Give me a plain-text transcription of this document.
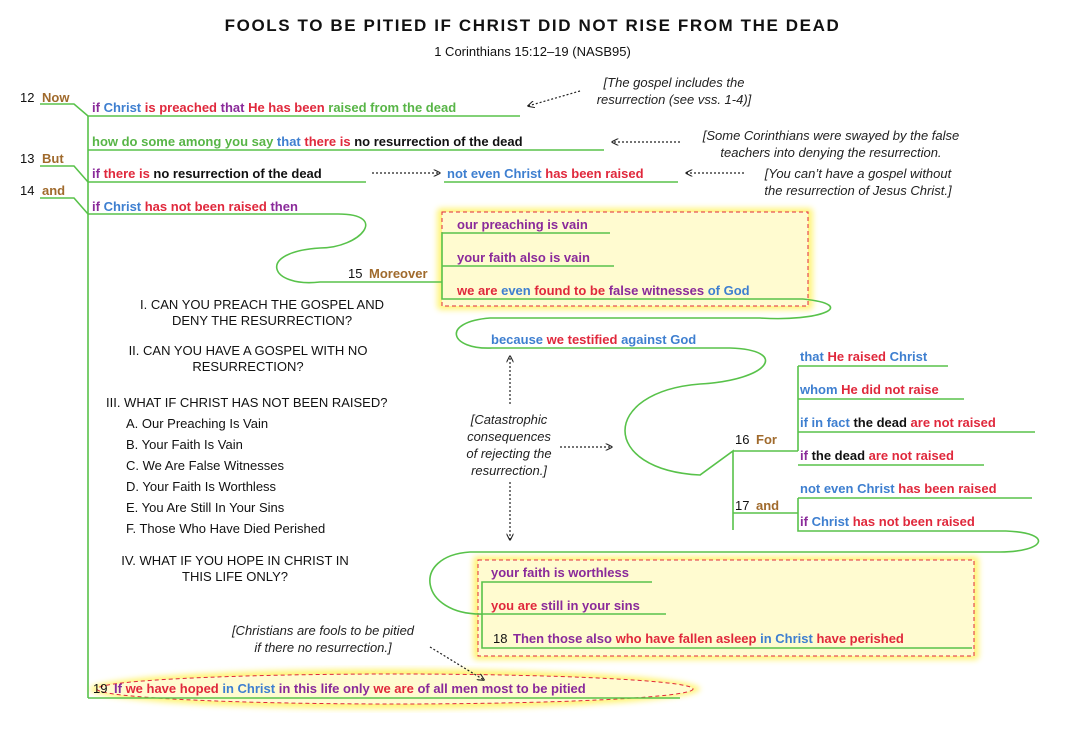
FOOLS TO BE PITIED IF CHRIST DID NOT RISE FROM THE DEAD
1 Corinthians 15:12–19 (NASB95)
12 Now
13 But
14 and
15 Moreover
16 For
17 and
18
19
if Christ is preached that He has been raised from the dead
how do some among you say that there is no resurrection of the dead
if there is no resurrection of the dead	not even Christ has been raised
if Christ has not been raised then
our preaching is vain
your faith also is vain
we are even found to be false witnesses of God
because we testified against God
that He raised Christ
whom He did not raise
if in fact the dead are not raised
if the dead are not raised
not even Christ has been raised
if Christ has not been raised
your faith is worthless
you are still in your sins
Then those also who have fallen asleep in Christ have perished
If we have hoped in Christ in this life only we are of all men most to be pitied
[The gospel includes the
resurrection (see vss. 1-4)]
[Some Corinthians were swayed by the false
teachers into denying the resurrection.
[You can’t have a gospel without
the resurrection of Jesus Christ.]
[Catastrophic
consequences
of rejecting the
resurrection.]
[Christians are fools to be pitied
if there no resurrection.]
I. CAN YOU PREACH THE GOSPEL AND
DENY THE RESURRECTION?
II. CAN YOU HAVE A GOSPEL WITH NO
RESURRECTION?
III. WHAT IF CHRIST HAS NOT BEEN RAISED?
A. Our Preaching Is Vain
B. Your Faith Is Vain
C. We Are False Witnesses
D. Your Faith Is Worthless
E. You Are Still In Your Sins
F. Those Who Have Died Perished
IV. WHAT IF YOU HOPE IN CHRIST IN
THIS LIFE ONLY?
